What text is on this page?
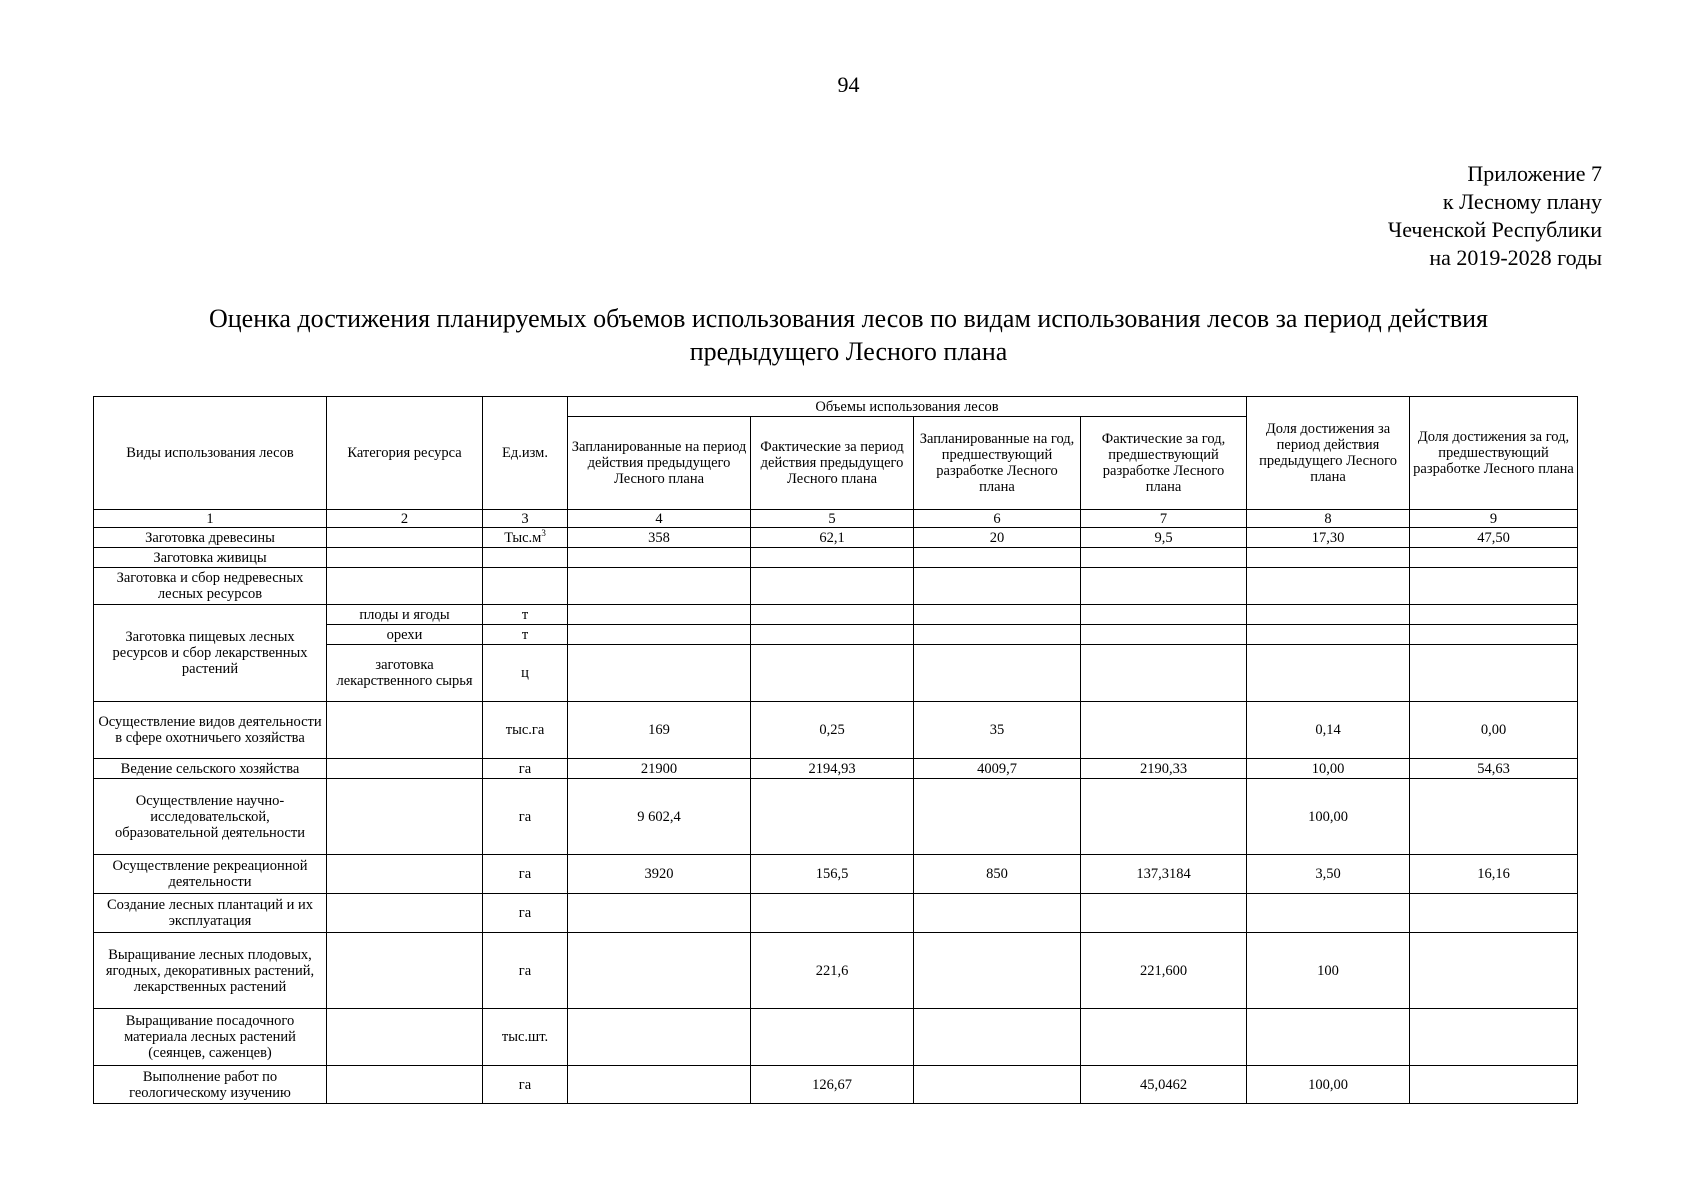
94
Приложение 7
к Лесному плану
Чеченской Республики
на 2019-2028 годы
Оценка достижения планируемых объемов использования лесов по видам использования лесов за период действия
предыдущего Лесного плана
Виды использования лесов	Категория ресурса	Ед.изм.	Объемы использования лесов				Доля достижения за период действия предыдущего Лесного плана	Доля достижения за год, предшествующий разработке Лесного плана
			Запланированные на период действия предыдущего Лесного плана	Фактические за период действия предыдущего Лесного плана	Запланированные на год, предшествующий разработке Лесного плана	Фактические за год, предшествующий разработке Лесного плана		
1	2	3	4	5	6	7	8	9
Заготовка древесины		$Тыс.м^3$	358	62,1	20	9,5	17,30	47,50
Заготовка живицы								
Заготовка и сбор недревесных лесных ресурсов								
Заготовка пищевых лесных ресурсов и сбор лекарственных растений	плоды и ягоды	т						
	орехи	т						
	заготовка лекарственного сырья	ц						
Осуществление видов деятельности в сфере охотничьего хозяйства		тыс.га	169	0,25	35		0,14	0,00
Ведение сельского хозяйства		га	21900	2194,93	4009,7	2190,33	10,00	54,63
Осуществление научно-исследовательской, образовательной деятельности		га	9 602,4				100,00	
Осуществление рекреационной деятельности		га	3920	156,5	850	137,3184	3,50	16,16
Создание лесных плантаций и их эксплуатация		га						
Выращивание лесных плодовых, ягодных, декоративных растений, лекарственных растений		га		221,6		221,600	100	
Выращивание посадочного материала лесных растений (сеянцев, саженцев)		тыс.шт.						
Выполнение работ по геологическому изучению		га		126,67		45,0462	100,00	
